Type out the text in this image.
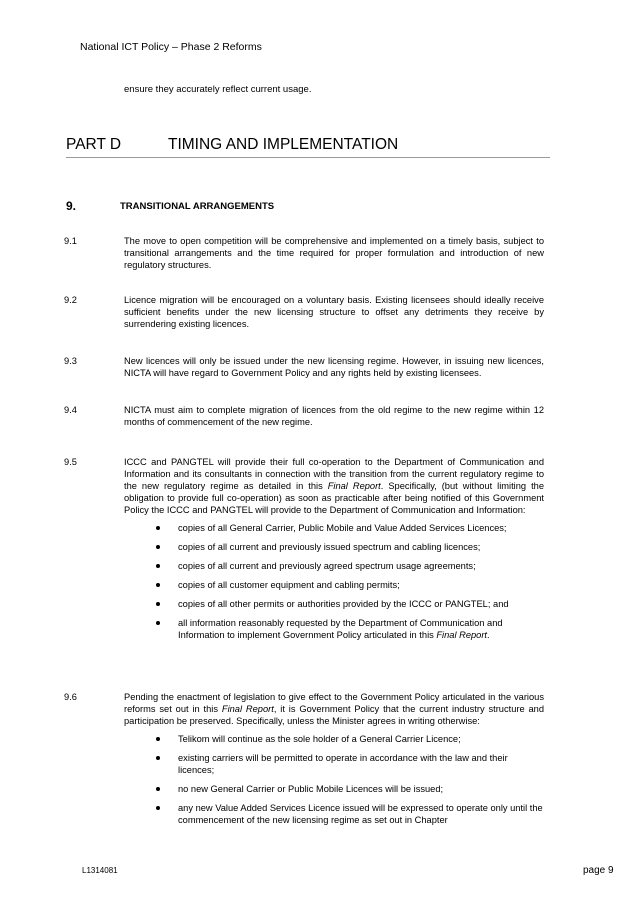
National ICT Policy – Phase 2 Reforms
ensure they accurately reflect current usage.
PART D	TIMING AND IMPLEMENTATION
9.	TRANSITIONAL ARRANGEMENTS
9.1	The move to open competition will be comprehensive and implemented on a timely basis, subject to transitional arrangements and the time required for proper formulation and introduction of new regulatory structures.
9.2	Licence migration will be encouraged on a voluntary basis. Existing licensees should ideally receive sufficient benefits under the new licensing structure to offset any detriments they receive by surrendering existing licences.
9.3	New licences will only be issued under the new licensing regime. However, in issuing new licences, NICTA will have regard to Government Policy and any rights held by existing licensees.
9.4	NICTA must aim to complete migration of licences from the old regime to the new regime within 12 months of commencement of the new regime.
9.5	ICCC and PANGTEL will provide their full co-operation to the Department of Communication and Information and its consultants in connection with the transition from the current regulatory regime to the new regulatory regime as detailed in this Final Report. Specifically, (but without limiting the obligation to provide full co-operation) as soon as practicable after being notified of this Government Policy the ICCC and PANGTEL will provide to the Department of Communication and Information:
copies of all General Carrier, Public Mobile and Value Added Services Licences;
copies of all current and previously issued spectrum and cabling licences;
copies of all current and previously agreed spectrum usage agreements;
copies of all customer equipment and cabling permits;
copies of all other permits or authorities provided by the ICCC or PANGTEL; and
all information reasonably requested by the Department of Communication and Information to implement Government Policy articulated in this Final Report.
9.6	Pending the enactment of legislation to give effect to the Government Policy articulated in the various reforms set out in this Final Report, it is Government Policy that the current industry structure and participation be preserved. Specifically, unless the Minister agrees in writing otherwise:
Telikom will continue as the sole holder of a General Carrier Licence;
existing carriers will be permitted to operate in accordance with the law and their licences;
no new General Carrier or Public Mobile Licences will be issued;
any new Value Added Services Licence issued will be expressed to operate only until the commencement of the new licensing regime as set out in Chapter
L1314081	page 9
